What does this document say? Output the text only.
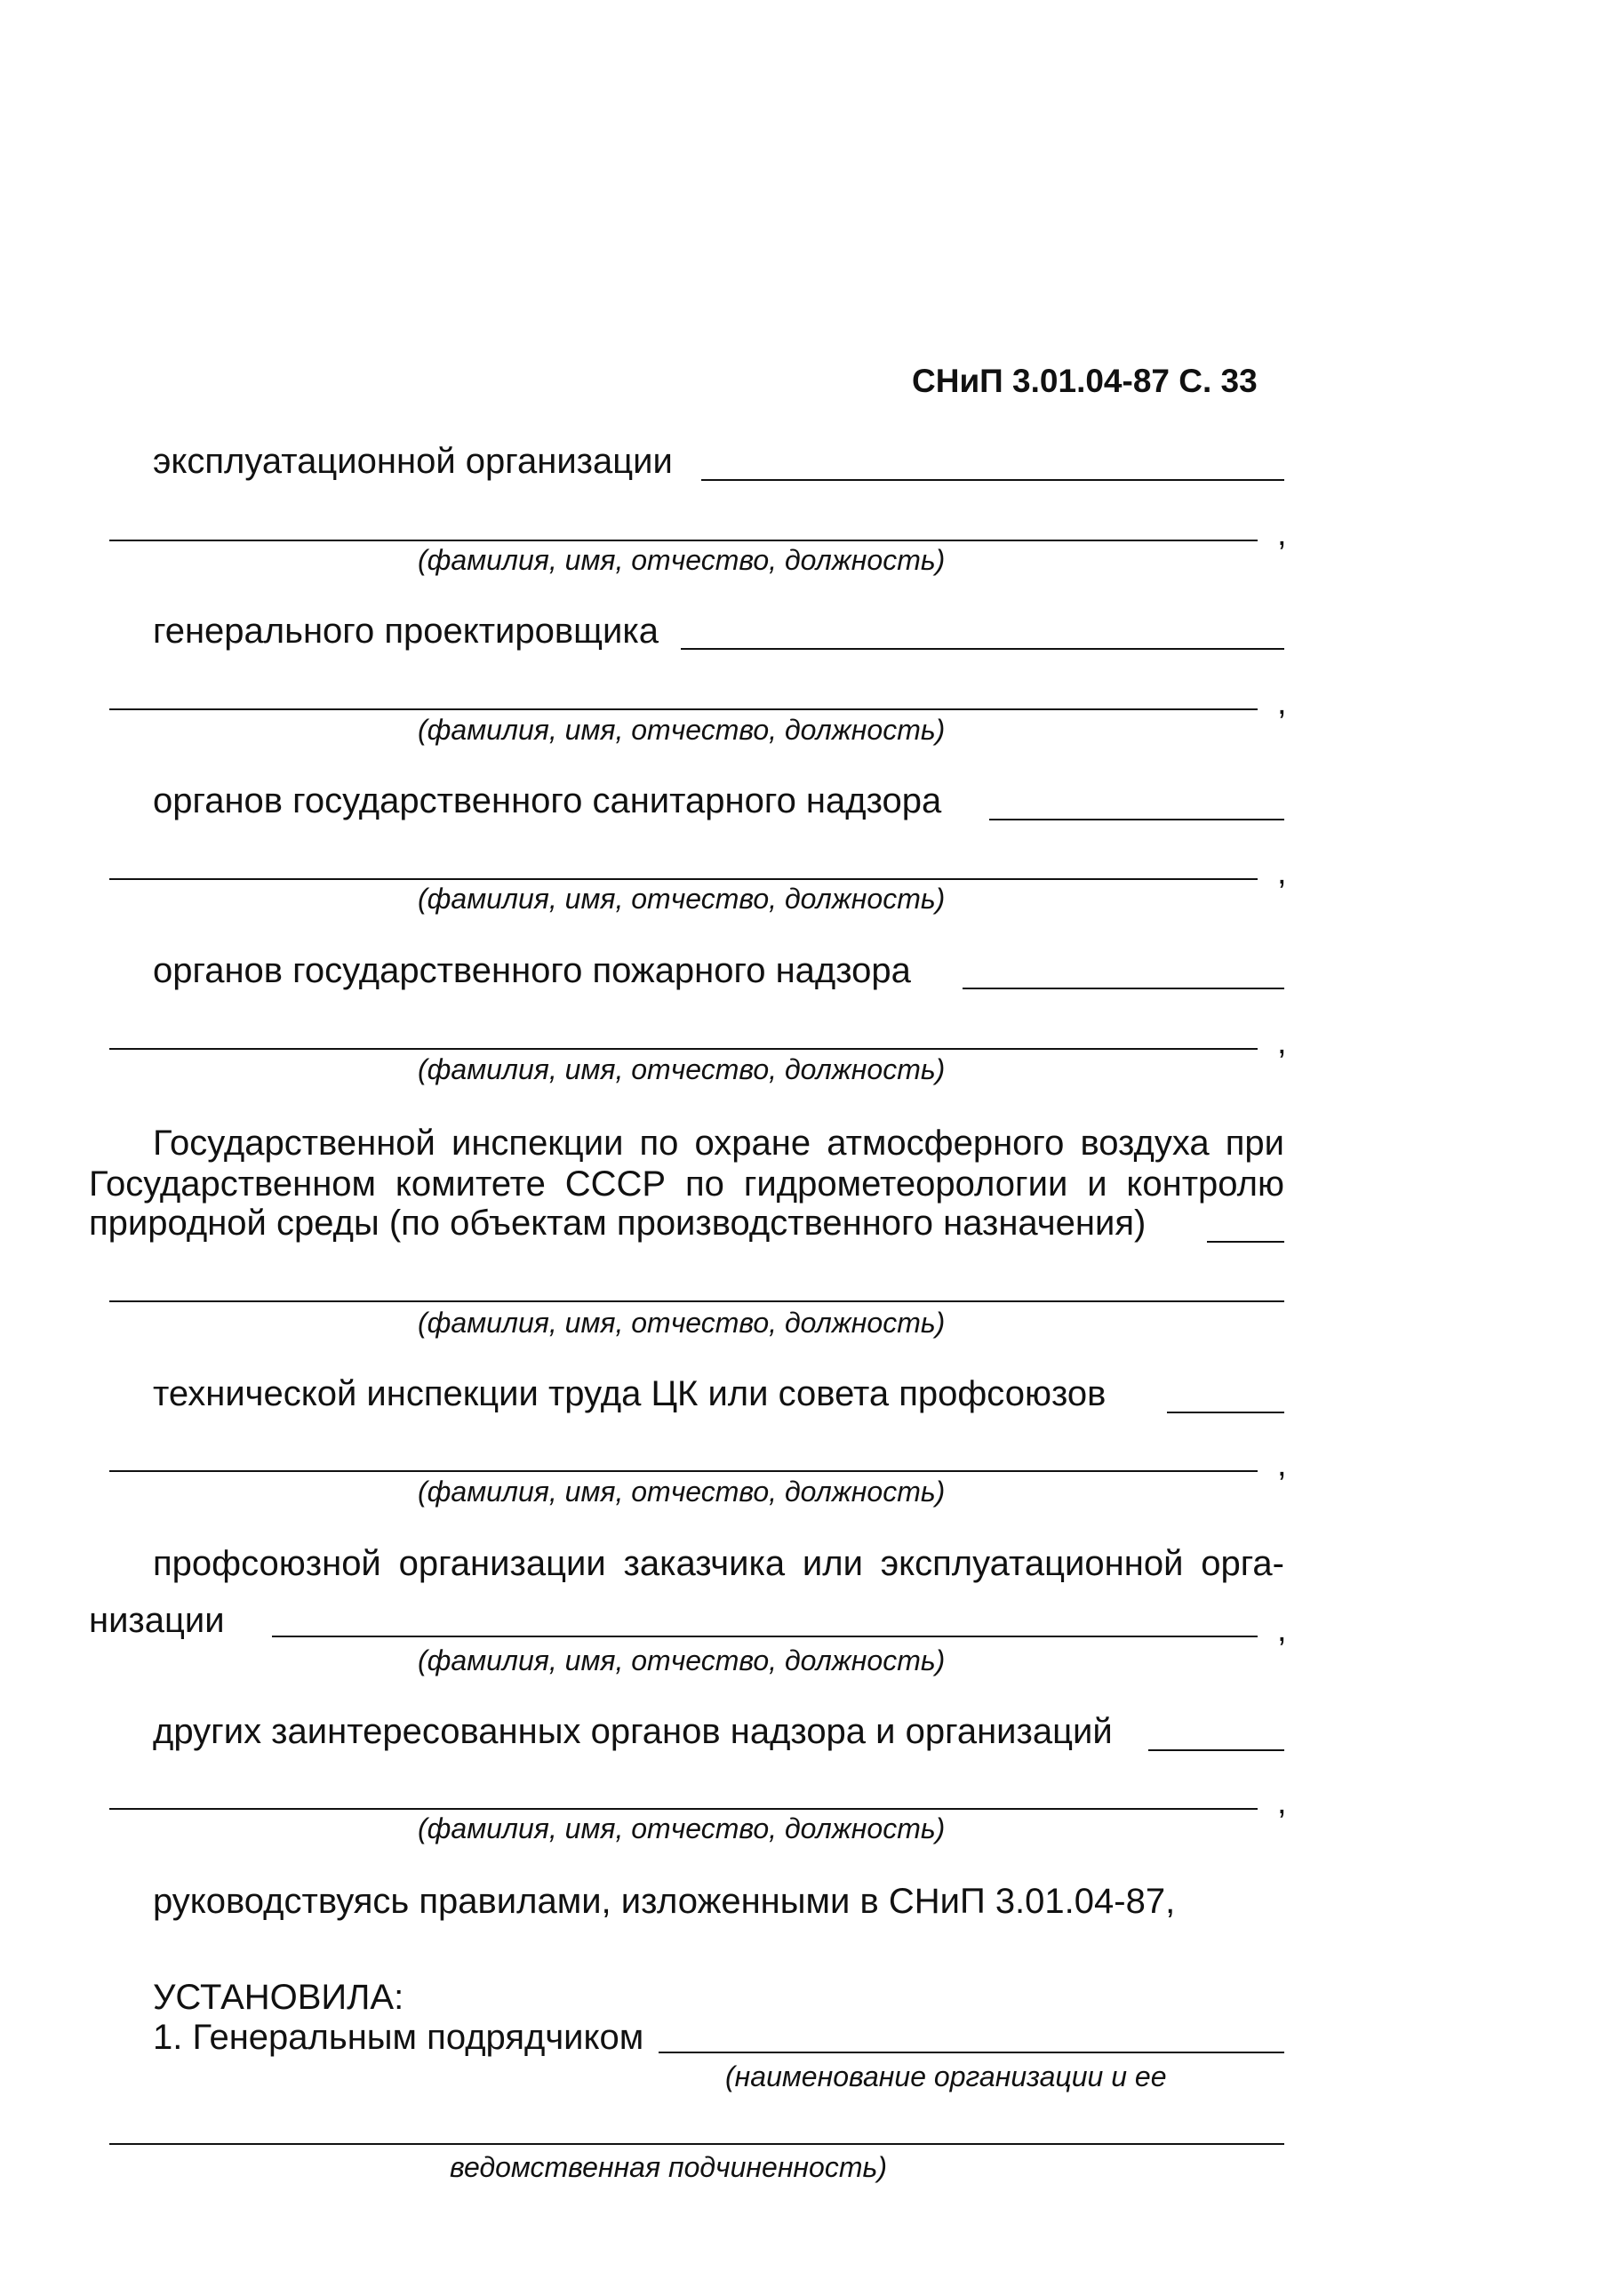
СНиП 3.01.04-87 С. 33
эксплуатационной организации
,
(фамилия, имя, отчество, должность)
генерального проектировщика
,
(фамилия, имя, отчество, должность)
органов государственного санитарного надзора
,
(фамилия, имя, отчество, должность)
органов государственного пожарного надзора
,
(фамилия, имя, отчество, должность)
Государственной инспекции по охране атмосферного воздуха при
Государственном комитете СССР по гидрометеорологии и контролю
природной среды (по объектам производственного назначения)
(фамилия, имя, отчество, должность)
технической инспекции труда ЦК или совета профсоюзов
,
(фамилия, имя, отчество, должность)
профсоюзной организации заказчика или эксплуатационной орга-
низации	,
(фамилия, имя, отчество, должность)
других заинтересованных органов надзора и организаций
,
(фамилия, имя, отчество, должность)
руководствуясь правилами, изложенными в СНиП 3.01.04-87,
УСТАНОВИЛА:
1. Генеральным подрядчиком
(наименование организации и ее
ведомственная подчиненность)
